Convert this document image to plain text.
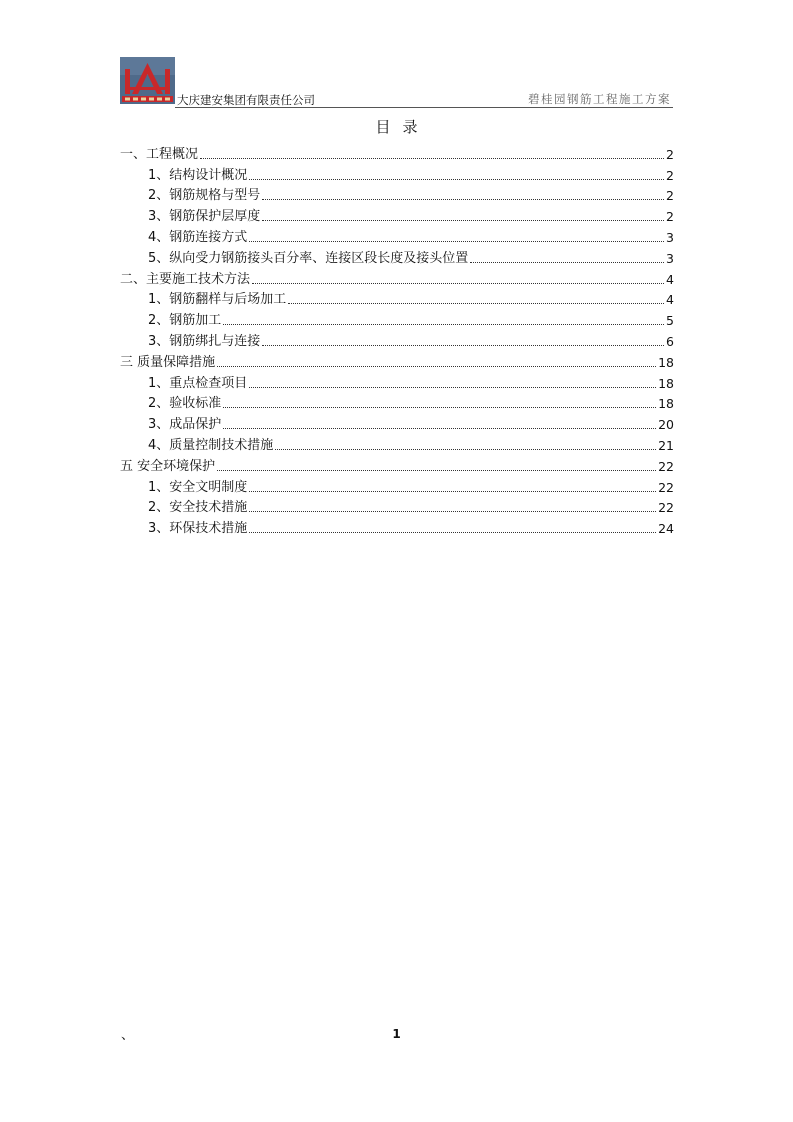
大庆建安集团有限责任公司	碧桂园钢筋工程施工方案
目录
一、工程概况	2
1、结构设计概况	2
2、钢筋规格与型号	2
3、钢筋保护层厚度	2
4、钢筋连接方式	3
5、纵向受力钢筋接头百分率、连接区段长度及接头位置	3
二、主要施工技术方法	4
1、钢筋翻样与后场加工	4
2、钢筋加工	5
3、钢筋绑扎与连接	6
三 质量保障措施	18
1、重点检查项目	18
2、验收标准	18
3、成品保护	20
4、质量控制技术措施	21
五 安全环境保护	22
1、安全文明制度	22
2、安全技术措施	22
3、环保技术措施	24
、	1
